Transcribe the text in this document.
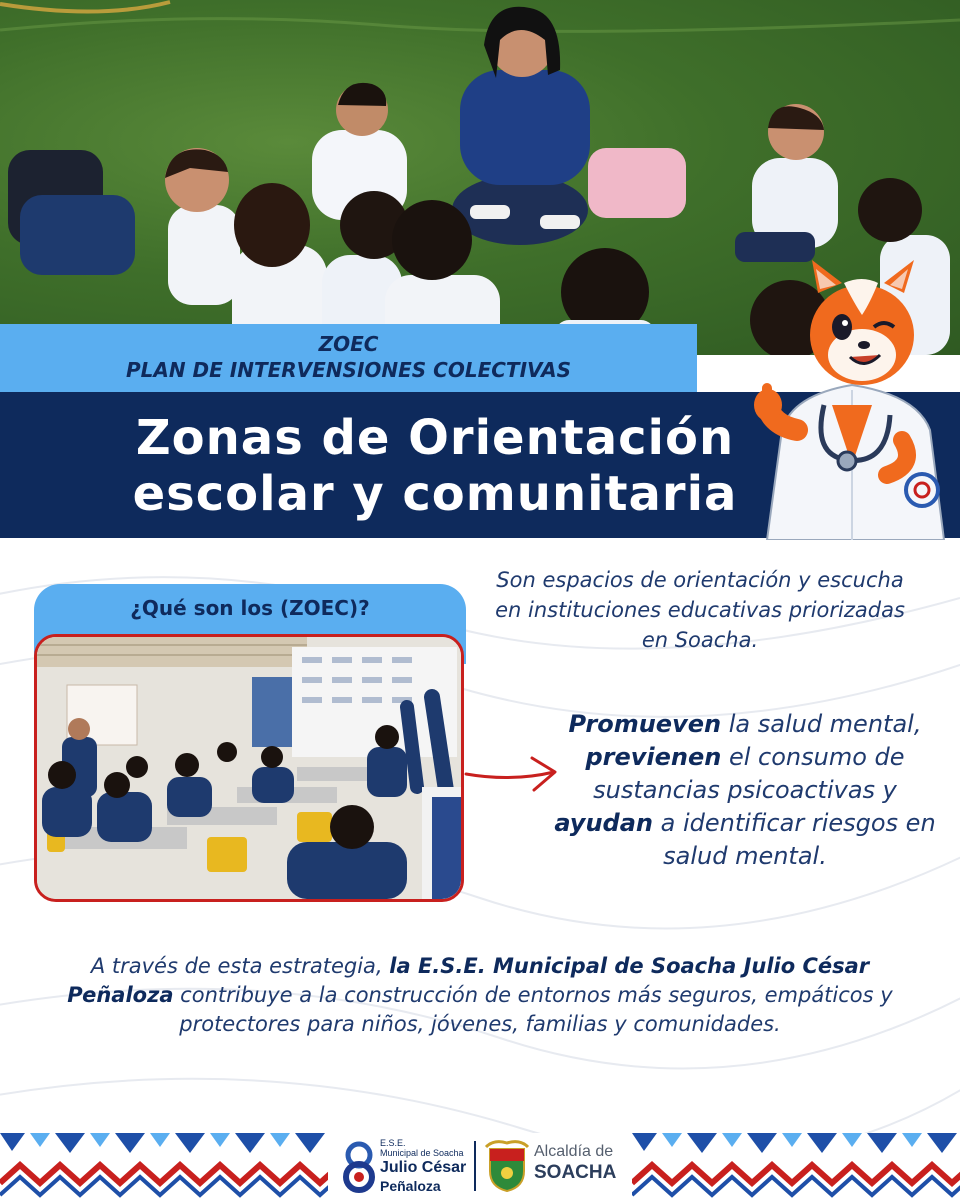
ZOEC
PLAN DE INTERVENSIONES COLECTIVAS
Zonas de Orientación
escolar y comunitaria
¿Qué son los (ZOEC)?
Son espacios de orientación y escucha en instituciones educativas priorizadas en Soacha.
Promueven la salud mental, previenen el consumo de sustancias psicoactivas y ayudan a identificar riesgos en salud mental.
A través de esta estrategia, la E.S.E. Municipal de Soacha Julio César Peñaloza contribuye a la construcción de entornos más seguros, empáticos y protectores para niños, jóvenes, familias y comunidades.
E.S.E.
Municipal de Soacha
Julio César
Peñaloza
Alcaldía de
SOACHA
